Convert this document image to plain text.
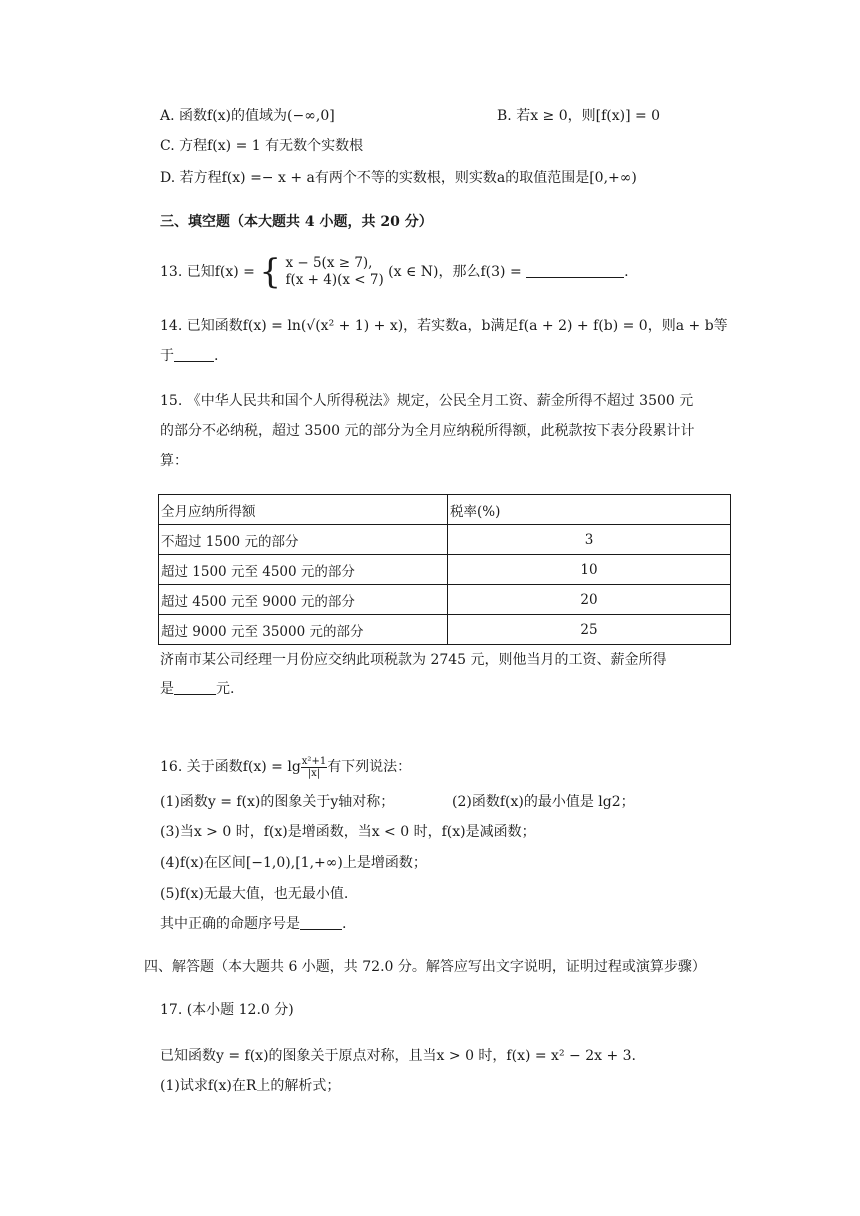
A. 函数f(x)的值域为(−∞,0]	B. 若x ≥ 0，则[f(x)] = 0
C. 方程f(x) = 1 有无数个实数根
D. 若方程f(x) =− x + a有两个不等的实数根，则实数a的取值范围是[0,+∞)
三、填空题（本大题共 4 小题，共 20 分）
13. 已知f(x) = { x − 5(x ≥ 7),
f(x + 4)(x < 7) (x ∈ N)，那么f(3) =	.
14. 已知函数f(x) = ln(√(x² + 1) + x)，若实数a，b满足f(a + 2) + f(b) = 0，则a + b等
于	.
15. 《中华人民共和国个人所得税法》规定，公民全月工资、薪金所得不超过 3500 元
的部分不必纳税，超过 3500 元的部分为全月应纳税所得额，此税款按下表分段累计计
算：
全月应纳所得额	税率(%)
不超过 1500 元的部分	3
超过 1500 元至 4500 元的部分	10
超过 4500 元至 9000 元的部分	20
超过 9000 元至 35000 元的部分	25
济南市某公司经理一月份应交纳此项税款为 2745 元，则他当月的工资、薪金所得
是	元.
16. 关于函数$f(x) = \lg \frac{\text{x²+1}}{|x|}$ 有下列说法：
(1)函数y = f(x)的图象关于y轴对称；	(2)函数f(x)的最小值是 lg2；
(3)当x > 0 时，f(x)是增函数，当x < 0 时，f(x)是减函数；
(4)f(x)在区间[−1,0),[1,+∞)上是增函数；
(5)f(x)无最大值，也无最小值.
其中正确的命题序号是	.
四、解答题（本大题共 6 小题，共 72.0 分。解答应写出文字说明，证明过程或演算步骤）
17. (本小题 12.0 分)
已知函数y = f(x)的图象关于原点对称，且当x > 0 时，f(x) = x² − 2x + 3.
(1)试求f(x)在R上的解析式；
